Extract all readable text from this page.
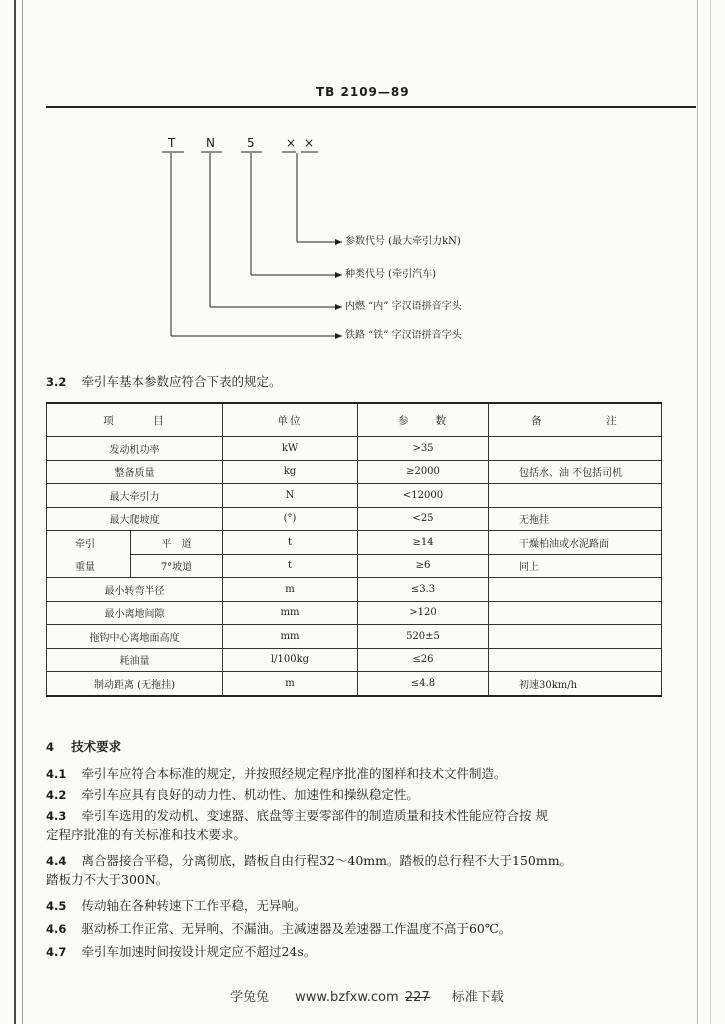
TB 2109—89
T	N	5	× ×
参数代号 (最大牵引力kN)
种类代号 (牵引汽车)
内燃 “内” 字汉语拼音字头
铁路 “铁” 字汉语拼音字头
3.2 牵引车基本参数应符合下表的规定。
项　　　目		单位	参　　数	备　　　　　注
发动机功率		kW	>35	
整备质量		kg	≥2000	包括水、油 不包括司机
最大牵引力		N	<12000	
最大爬坡度		(°)	<25	无拖挂
牵引	平　道	t	≥14	干燥柏油或水泥路面
重量	7°坡道	t	≥6	同上
最小转弯半径		m	≤3.3	
最小离地间隙		mm	>120	
拖钩中心离地面高度		mm	520±5	
耗油量		l/100kg	≤26	
制动距离 (无拖挂)		m	≤4.8	初速30km/h
4 技术要求
4.1 牵引车应符合本标准的规定，并按照经规定程序批准的图样和技术文件制造。
4.2 牵引车应具有良好的动力性、机动性、加速性和操纵稳定性。
4.3 牵引车选用的发动机、变速器、底盘等主要零部件的制造质量和技术性能应符合按 规
定程序批准的有关标准和技术要求。
4.4 离合器接合平稳，分离彻底，踏板自由行程32～40mm。踏板的总行程不大于150mm。
踏板力不大于300N。
4.5 传动轴在各种转速下工作平稳，无异响。
4.6 驱动桥工作正常、无异响、不漏油。主减速器及差速器工作温度不高于60℃。
4.7 牵引车加速时间按设计规定应不超过24s。
学兔兔 www.bzfxw.com 227 标准下载
